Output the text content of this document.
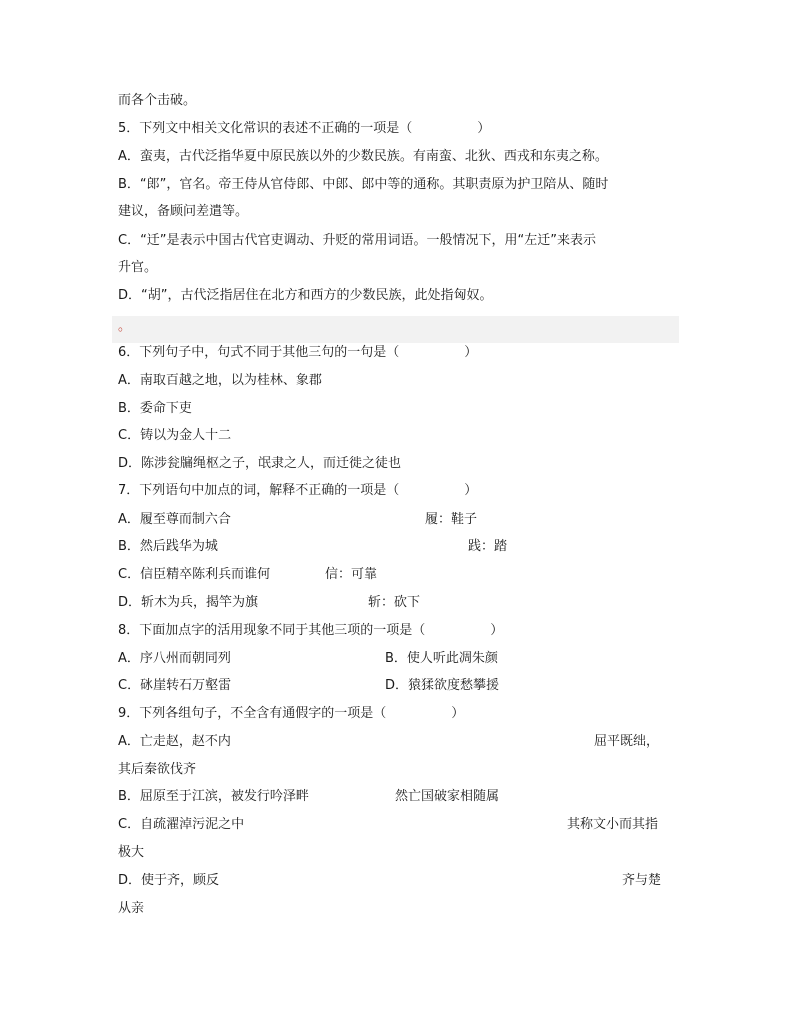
而各个击破。
5．下列文中相关文化常识的表述不正确的一项是（　　　　　）
A．蛮夷，古代泛指华夏中原民族以外的少数民族。有南蛮、北狄、西戎和东夷之称。
B．“郎”，官名。帝王侍从官侍郎、中郎、郎中等的通称。其职责原为护卫陪从、随时
建议，备顾问差遣等。
C．“迁”是表示中国古代官吏调动、升贬的常用词语。一般情况下，用“左迁”来表示
升官。
D．“胡”，古代泛指居住在北方和西方的少数民族，此处指匈奴。
。
6．下列句子中，句式不同于其他三句的一句是（　　　　　）
A．南取百越之地，以为桂林、象郡
B．委命下吏
C．铸以为金人十二
D．陈涉瓮牖绳枢之子，氓隶之人，而迁徙之徒也
7．下列语句中加点的词，解释不正确的一项是（　　　　　）
A．履至尊而制六合	履：鞋子
B．然后践华为城	践：踏
C．信臣精卒陈利兵而谁何	信：可靠
D．斩木为兵，揭竿为旗	斩：砍下
8．下面加点字的活用现象不同于其他三项的一项是（　　　　　）
A．序八州而朝同列	B．使人听此凋朱颜
C．砯崖转石万壑雷	D．猿猱欲度愁攀援
9．下列各组句子，不全含有通假字的一项是（　　　　　）
A．亡走赵，赵不内	屈平既绌，
其后秦欲伐齐
B．屈原至于江滨，被发行吟泽畔	然亡国破家相随属
C．自疏濯淖污泥之中	其称文小而其指
极大
D．使于齐，顾反	齐与楚
从亲
